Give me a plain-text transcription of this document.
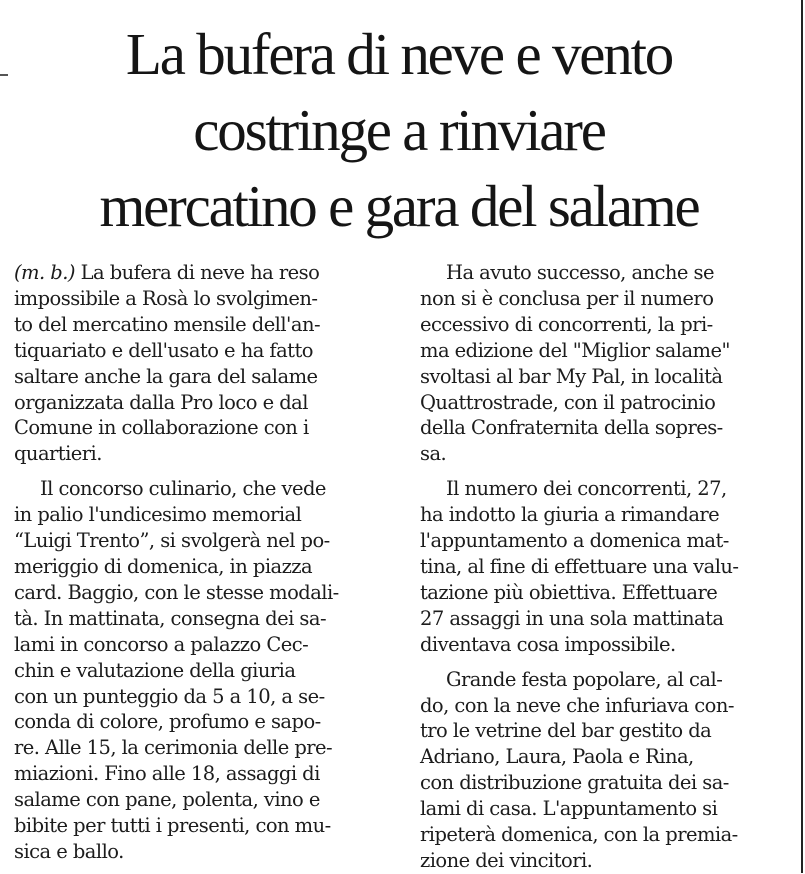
La bufera di neve e vento
costringe a rinviare
mercatino e gara del salame

(m. b.) La bufera di neve ha reso
impossibile a Rosà lo svolgimen-
to del mercatino mensile dell'an-
tiquariato e dell'usato e ha fatto
saltare anche la gara del salame
organizzata dalla Pro loco e dal
Comune in collaborazione con i
quartieri.

Il concorso culinario, che vede
in palio l'undicesimo memorial
“Luigi Trento”, si svolgerà nel po-
meriggio di domenica, in piazza
card. Baggio, con le stesse modali-
tà. In mattinata, consegna dei sa-
lami in concorso a palazzo Cec-
chin e valutazione della giuria
con un punteggio da 5 a 10, a se-
conda di colore, profumo e sapo-
re. Alle 15, la cerimonia delle pre-
miazioni. Fino alle 18, assaggi di
salame con pane, polenta, vino e
bibite per tutti i presenti, con mu-
sica e ballo.

Ha avuto successo, anche se
non si è conclusa per il numero
eccessivo di concorrenti, la pri-
ma edizione del "Miglior salame"
svoltasi al bar My Pal, in località
Quattrostrade, con il patrocinio
della Confraternita della sopres-
sa.

Il numero dei concorrenti, 27,
ha indotto la giuria a rimandare
l'appuntamento a domenica mat-
tina, al fine di effettuare una valu-
tazione più obiettiva. Effettuare
27 assaggi in una sola mattinata
diventava cosa impossibile.

Grande festa popolare, al cal-
do, con la neve che infuriava con-
tro le vetrine del bar gestito da
Adriano, Laura, Paola e Rina,
con distribuzione gratuita dei sa-
lami di casa. L'appuntamento si
ripeterà domenica, con la premia-
zione dei vincitori.
